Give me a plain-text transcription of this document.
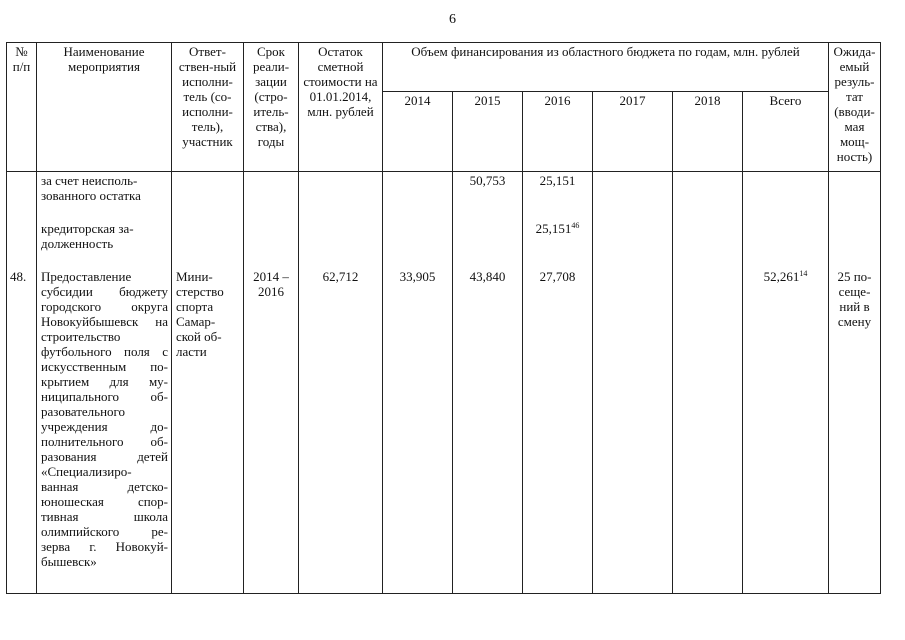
6
№ п/п	Наименование мероприятия	Ответ-ствен-ный исполни-тель (со-исполни-тель), участник	Срок реали-зации (стро-итель-ства), годы	Остаток сметной стоимости на 01.01.2014, млн. рублей	Объем финансирования из областного бюджета по годам, млн. рублей						Ожида-емый резуль-тат (вводи-мая мощ-ность)
					2014	2015	2016	2017	2018	Всего	
	за счет неисполь-зованного остатка					50,753	25,151				
	кредиторская за-долженность						25,151$^{46}$				
48.	Предоставление субсидии бюджету городского округа Новокуйбышевск на строительство футбольного поля с искусственным по-крытием для му-ниципального об-разовательного учреждения до-полнительного об-разования детей «Специализиро-ванная детско-юношеская спор-тивная школа олимпийского ре-зерва г. Новокуй-бышевск»	Мини-стерство спорта Самар-ской об-ласти	2014 – 2016	62,712	33,905	43,840	27,708			52,261$^{14}$	25 по-сеще-ний в смену
